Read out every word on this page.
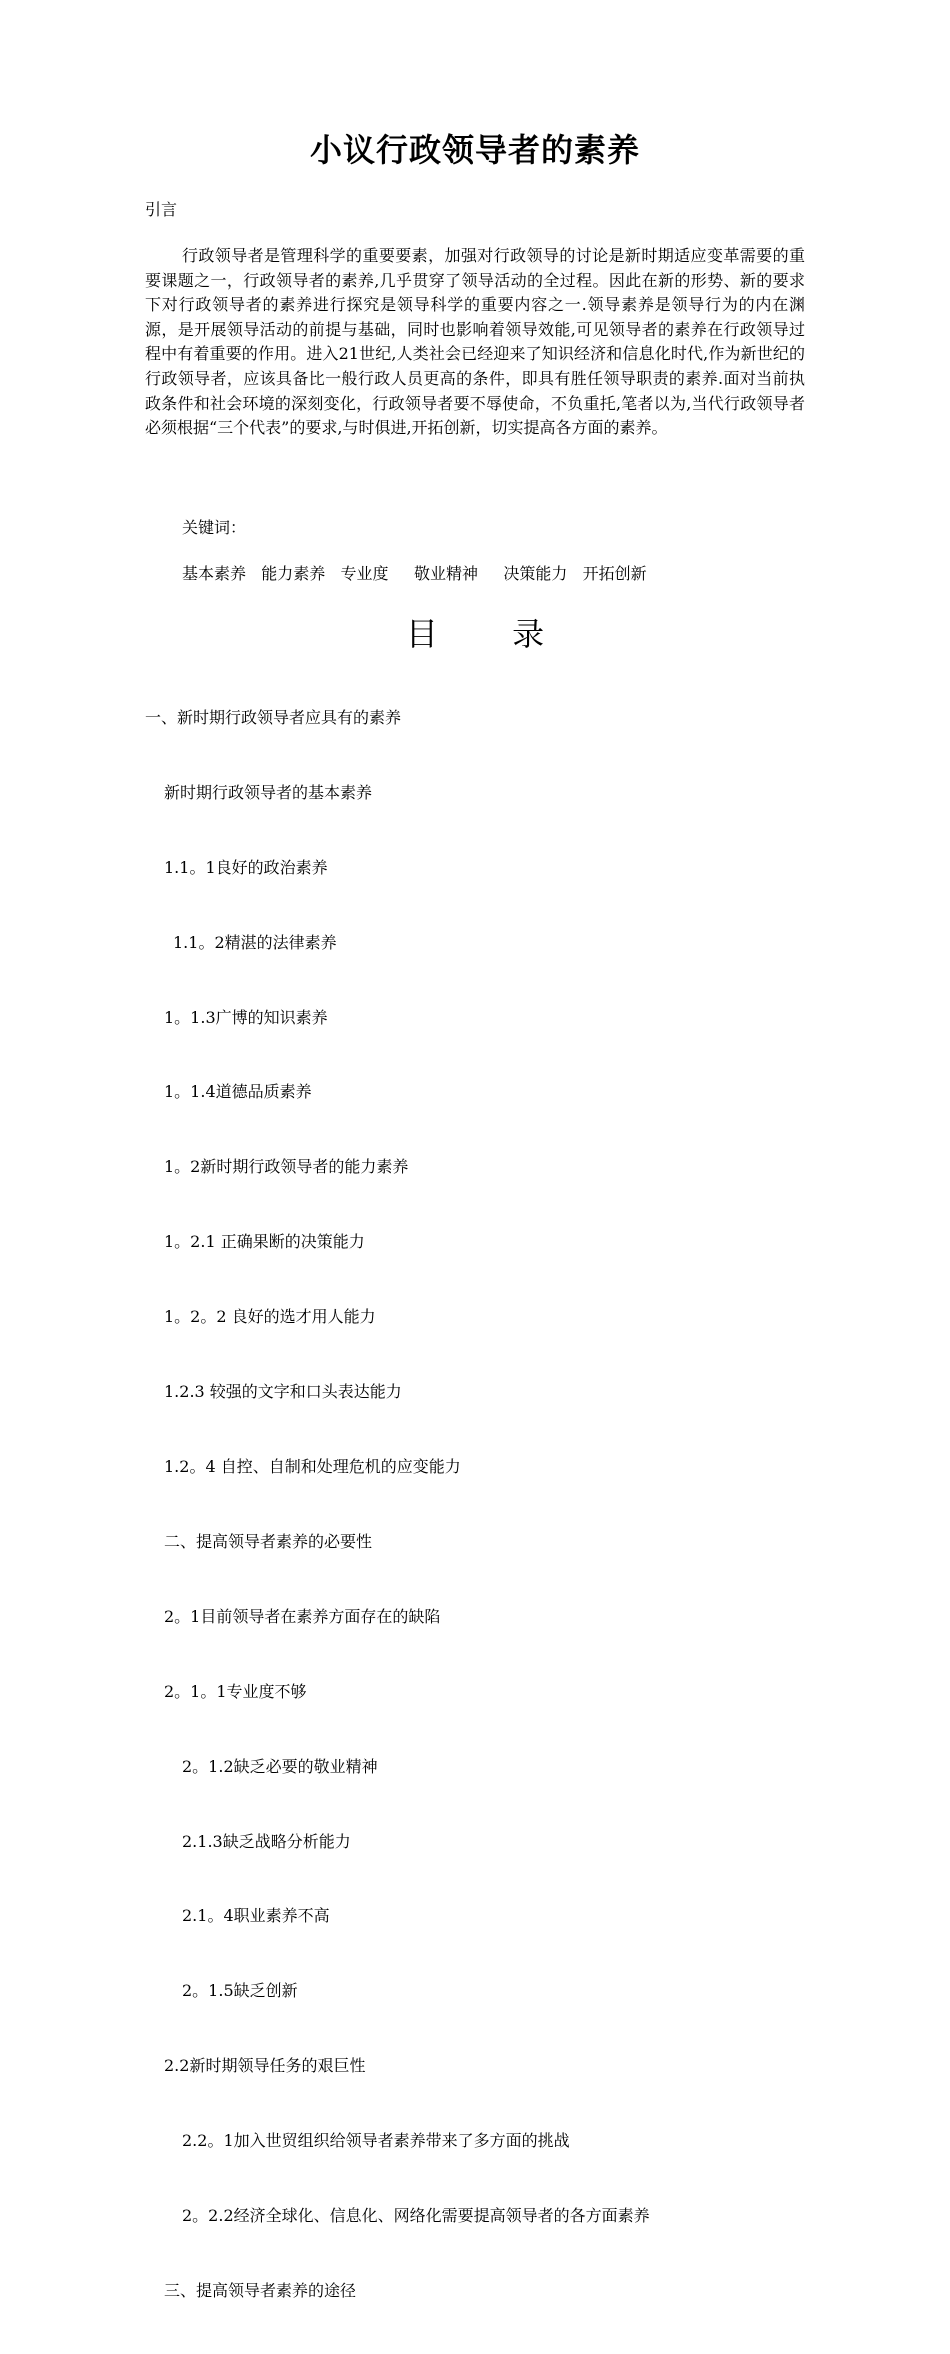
小议行政领导者的素养
引言

行政领导者是管理科学的重要要素，加强对行政领导的讨论是新时期适应变革需要的重要课题之一，行政领导者的素养,几乎贯穿了领导活动的全过程。因此在新的形势、新的要求下对行政领导者的素养进行探究是领导科学的重要内容之一.领导素养是领导行为的内在渊源，是开展领导活动的前提与基础，同时也影响着领导效能,可见领导者的素养在行政领导过程中有着重要的作用。进入21世纪,人类社会已经迎来了知识经济和信息化时代,作为新世纪的行政领导者，应该具备比一般行政人员更高的条件，即具有胜任领导职责的素养.面对当前执政条件和社会环境的深刻变化，行政领导者要不辱使命，不负重托,笔者以为,当代行政领导者必须根据“三个代表”的要求,与时俱进,开拓创新，切实提高各方面的素养。

关键词：
基本素养   能力素养   专业度     敬业精神     决策能力   开拓创新
目 录

一、新时期行政领导者应具有的素养

新时期行政领导者的基本素养

1.1。1良好的政治素养

1.1。2精湛的法律素养

1。1.3广博的知识素养

1。1.4道德品质素养

1。2新时期行政领导者的能力素养

1。2.1 正确果断的决策能力

1。2。2 良好的选才用人能力

1.2.3 较强的文字和口头表达能力

1.2。4 自控、自制和处理危机的应变能力

二、提高领导者素养的必要性

2。1目前领导者在素养方面存在的缺陷

2。1。1专业度不够

2。1.2缺乏必要的敬业精神

2.1.3缺乏战略分析能力

2.1。4职业素养不高

2。1.5缺乏创新

2.2新时期领导任务的艰巨性

2.2。1加入世贸组织给领导者素养带来了多方面的挑战

2。2.2经济全球化、信息化、网络化需要提高领导者的各方面素养

三、提高领导者素养的途径
